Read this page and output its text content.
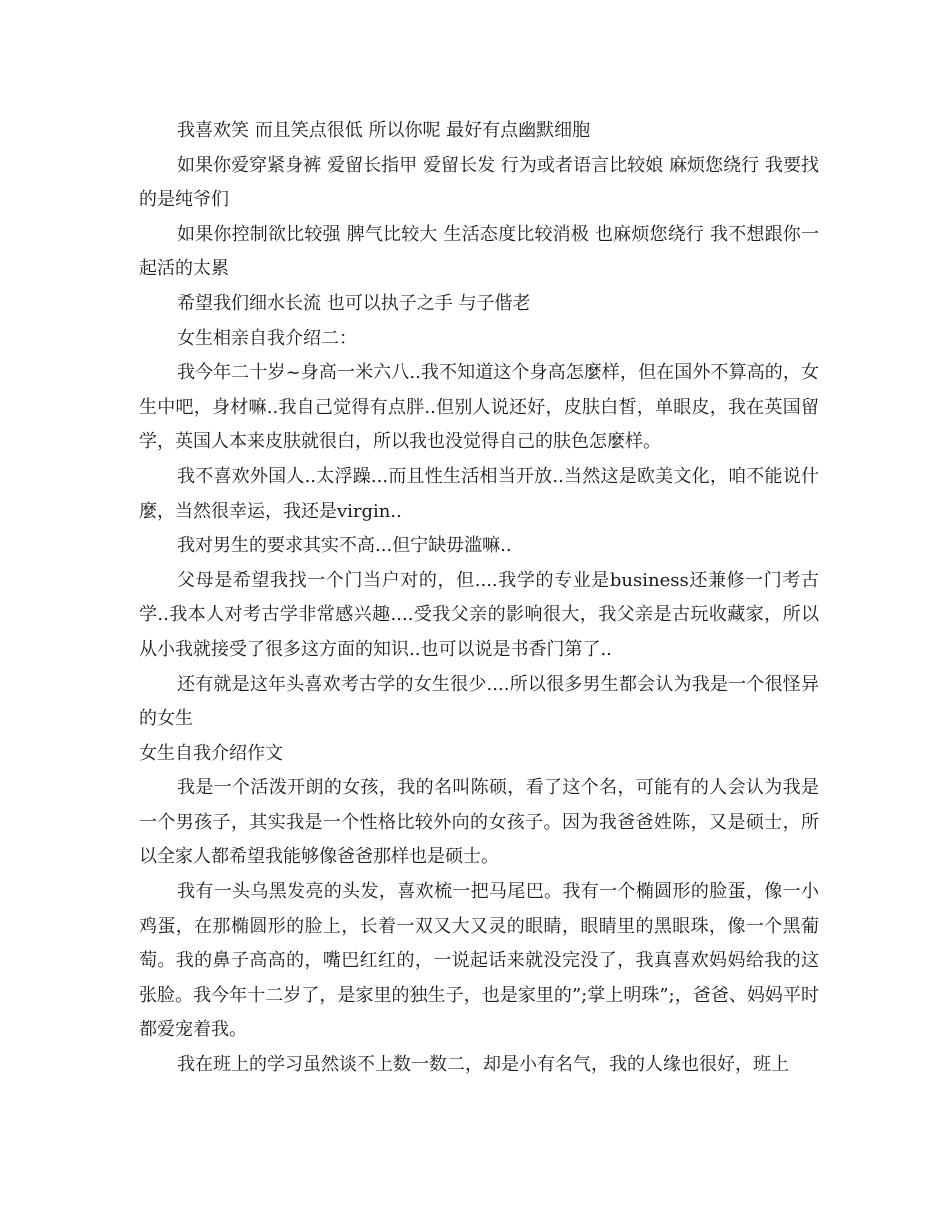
我喜欢笑 而且笑点很低 所以你呢 最好有点幽默细胞

如果你爱穿紧身裤 爱留长指甲 爱留长发 行为或者语言比较娘 麻烦您绕行 我要找的是纯爷们

如果你控制欲比较强 脾气比较大 生活态度比较消极 也麻烦您绕行 我不想跟你一起活的太累

希望我们细水长流 也可以执子之手 与子偕老

女生相亲自我介绍二：

我今年二十岁~身高一米六八..我不知道这个身高怎麼样，但在国外不算高的，女生中吧，身材嘛..我自己觉得有点胖..但别人说还好，皮肤白皙，单眼皮，我在英国留学，英国人本来皮肤就很白，所以我也没觉得自己的肤色怎麼样。

我不喜欢外国人..太浮躁...而且性生活相当开放..当然这是欧美文化，咱不能说什麼，当然很幸运，我还是virgin..

我对男生的要求其实不高...但宁缺毋滥嘛..

父母是希望我找一个门当户对的，但....我学的专业是business还兼修一门考古学..我本人对考古学非常感兴趣....受我父亲的影响很大，我父亲是古玩收藏家，所以从小我就接受了很多这方面的知识..也可以说是书香门第了..

还有就是这年头喜欢考古学的女生很少....所以很多男生都会认为我是一个很怪异的女生

女生自我介绍作文

我是一个活泼开朗的女孩，我的名叫陈硕，看了这个名，可能有的人会认为我是一个男孩子，其实我是一个性格比较外向的女孩子。因为我爸爸姓陈，又是硕士，所以全家人都希望我能够像爸爸那样也是硕士。

我有一头乌黑发亮的头发，喜欢梳一把马尾巴。我有一个椭圆形的脸蛋，像一小鸡蛋，在那椭圆形的脸上，长着一双又大又灵的眼睛，眼睛里的黑眼珠，像一个黑葡萄。我的鼻子高高的，嘴巴红红的，一说起话来就没完没了，我真喜欢妈妈给我的这张脸。我今年十二岁了，是家里的独生子，也是家里的”;掌上明珠”;，爸爸、妈妈平时都爱宠着我。

我在班上的学习虽然谈不上数一数二，却是小有名气，我的人缘也很好，班上
